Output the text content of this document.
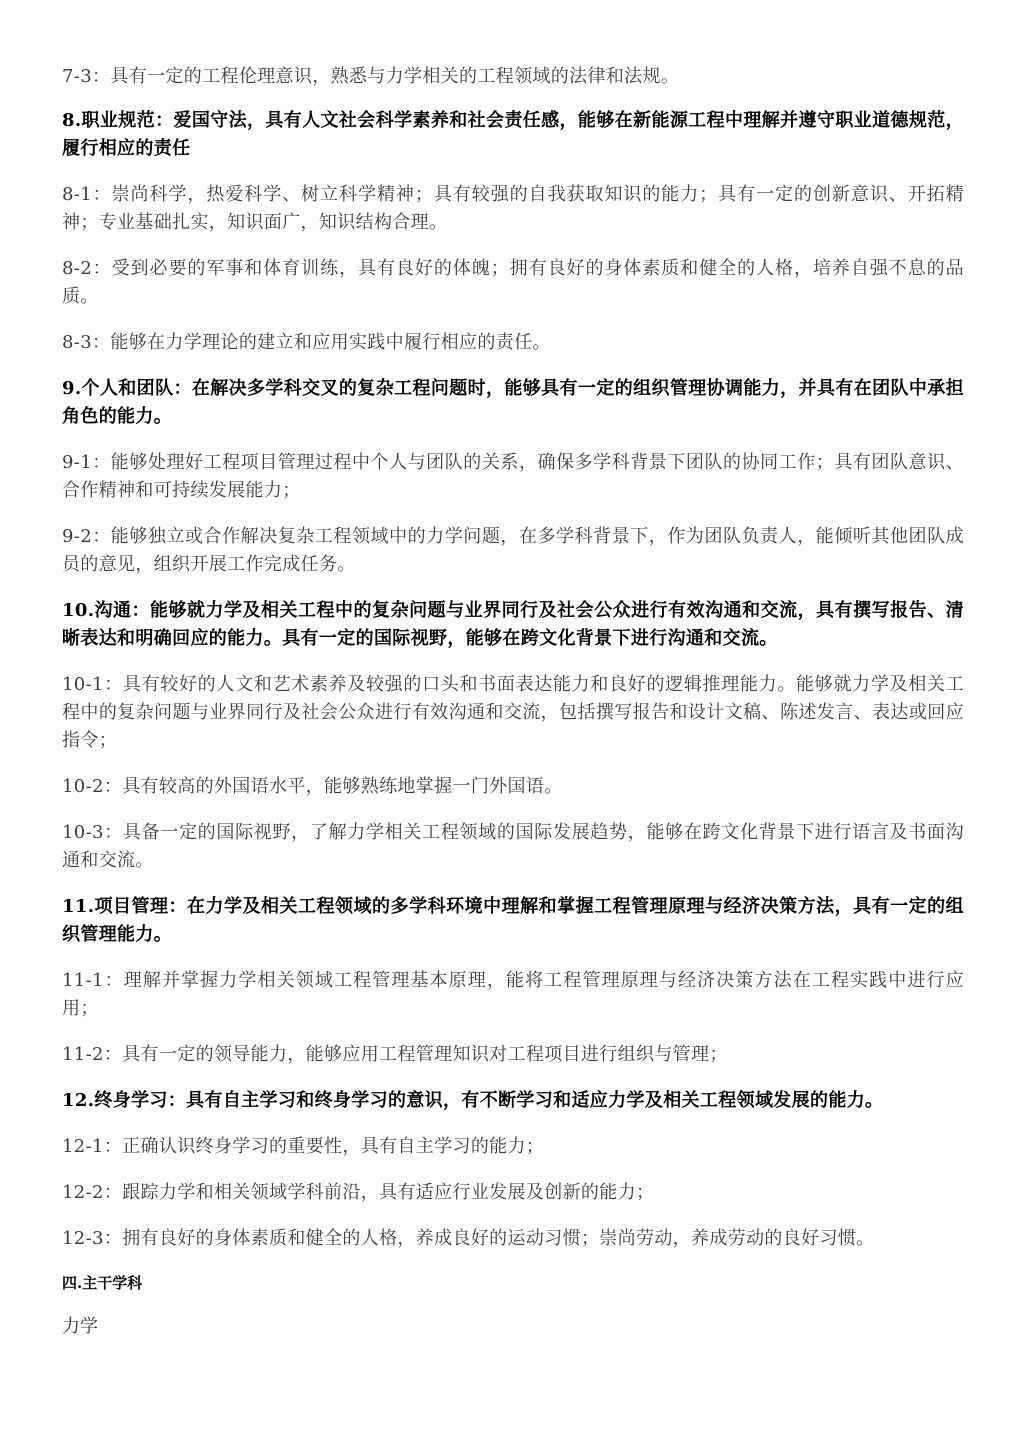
7-3：具有一定的工程伦理意识，熟悉与力学相关的工程领域的法律和法规。

8.职业规范：爱国守法，具有人文社会科学素养和社会责任感，能够在新能源工程中理解并遵守职业道德规范，履行相应的责任

8-1：崇尚科学，热爱科学、树立科学精神；具有较强的自我获取知识的能力；具有一定的创新意识、开拓精神；专业基础扎实，知识面广，知识结构合理。

8-2：受到必要的军事和体育训练，具有良好的体魄；拥有良好的身体素质和健全的人格，培养自强不息的品质。

8-3：能够在力学理论的建立和应用实践中履行相应的责任。

9.个人和团队：在解决多学科交叉的复杂工程问题时，能够具有一定的组织管理协调能力，并具有在团队中承担角色的能力。

9-1：能够处理好工程项目管理过程中个人与团队的关系，确保多学科背景下团队的协同工作；具有团队意识、合作精神和可持续发展能力；

9-2：能够独立或合作解决复杂工程领域中的力学问题，在多学科背景下，作为团队负责人，能倾听其他团队成员的意见，组织开展工作完成任务。

10.沟通：能够就力学及相关工程中的复杂问题与业界同行及社会公众进行有效沟通和交流，具有撰写报告、清晰表达和明确回应的能力。具有一定的国际视野，能够在跨文化背景下进行沟通和交流。

10-1：具有较好的人文和艺术素养及较强的口头和书面表达能力和良好的逻辑推理能力。能够就力学及相关工程中的复杂问题与业界同行及社会公众进行有效沟通和交流，包括撰写报告和设计文稿、陈述发言、表达或回应指令；

10-2：具有较高的外国语水平，能够熟练地掌握一门外国语。

10-3：具备一定的国际视野，了解力学相关工程领域的国际发展趋势，能够在跨文化背景下进行语言及书面沟通和交流。

11.项目管理：在力学及相关工程领域的多学科环境中理解和掌握工程管理原理与经济决策方法，具有一定的组织管理能力。

11-1：理解并掌握力学相关领域工程管理基本原理，能将工程管理原理与经济决策方法在工程实践中进行应用；

11-2：具有一定的领导能力，能够应用工程管理知识对工程项目进行组织与管理；

12.终身学习：具有自主学习和终身学习的意识，有不断学习和适应力学及相关工程领域发展的能力。

12-1：正确认识终身学习的重要性，具有自主学习的能力；

12-2：跟踪力学和相关领域学科前沿，具有适应行业发展及创新的能力；

12-3：拥有良好的身体素质和健全的人格，养成良好的运动习惯；崇尚劳动，养成劳动的良好习惯。

四.主干学科

力学
